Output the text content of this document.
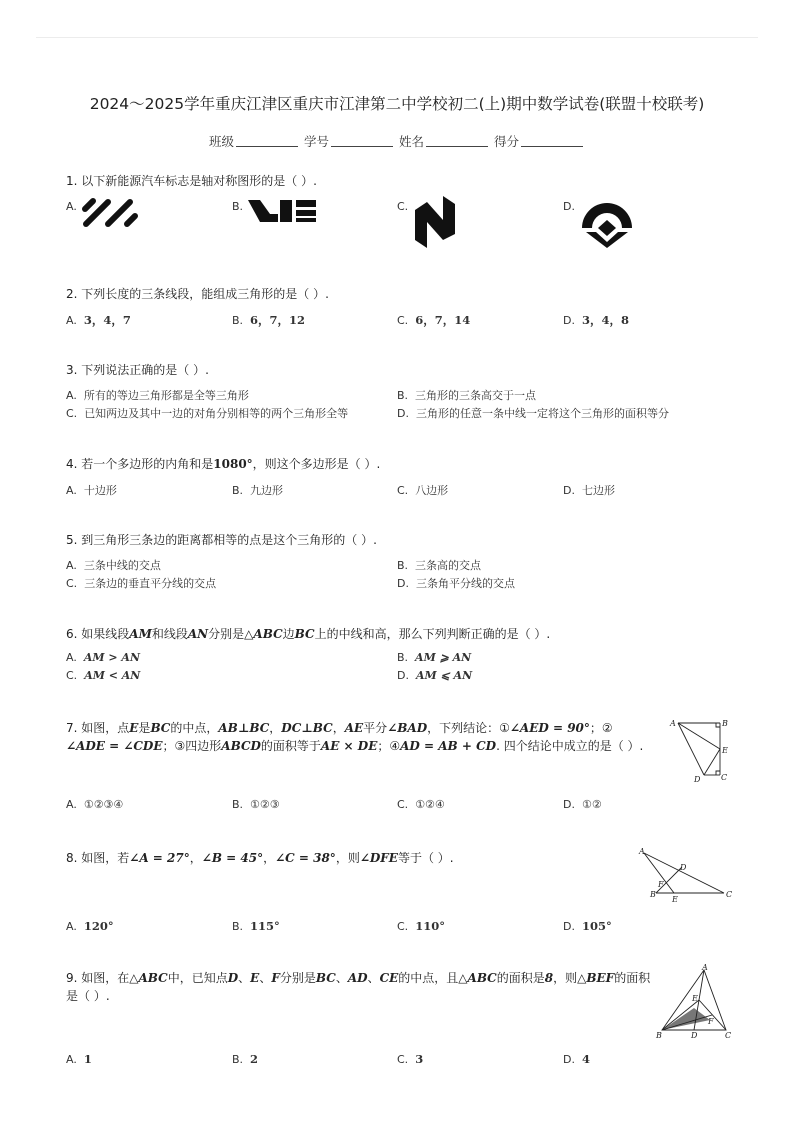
2024～2025学年重庆江津区重庆市江津第二中学校初二(上)期中数学试卷(联盟十校联考)
班级	学号	姓名	得分
1. 以下新能源汽车标志是轴对称图形的是（ ）.
A.	B.	C.	D.
2. 下列长度的三条线段，能组成三角形的是（ ）.
A. 3，4，7	B. 6，7，12	C. 6，7，14	D. 3，4，8
3. 下列说法正确的是（ ）.
A. 所有的等边三角形都是全等三角形	B. 三角形的三条高交于一点
C. 已知两边及其中一边的对角分别相等的两个三角形全等	D. 三角形的任意一条中线一定将这个三角形的面积等分
4. 若一个多边形的内角和是1080°，则这个多边形是（ ）.
A. 十边形	B. 九边形	C. 八边形	D. 七边形
5. 到三角形三条边的距离都相等的点是这个三角形的（ ）.
A. 三条中线的交点	B. 三条高的交点
C. 三条边的垂直平分线的交点	D. 三条角平分线的交点
6. 如果线段AM和线段AN分别是△ABC边BC上的中线和高，那么下列判断正确的是（ ）.
A. AM > AN	B. AM ⩾ AN
C. AM < AN	D. AM ⩽ AN
7. 如图，点E是BC的中点，AB⊥BC，DC⊥BC，AE平分∠BAD，下列结论：①∠AED = 90°；②
∠ADE = ∠CDE；③四边形ABCD的面积等于AE × DE；④AD = AB + CD. 四个结论中成立的是（ ）.
A	B
E
D	C
A. ①②③④	B. ①②③	C. ①②④	D. ①②
8. 如图，若∠A = 27°，∠B = 45°，∠C = 38°，则∠DFE等于（ ）.	A
D
F
B
E
C
A. 120°	B. 115°	C. 110°	D. 105°
9. 如图，在△ABC中，已知点D、E、F分别是BC、AD、CE的中点，且△ABC的面积是8，则△BEF的面积
是（ ）.
A
E
F
B	D	C
A. 1	B. 2	C. 3	D. 4
